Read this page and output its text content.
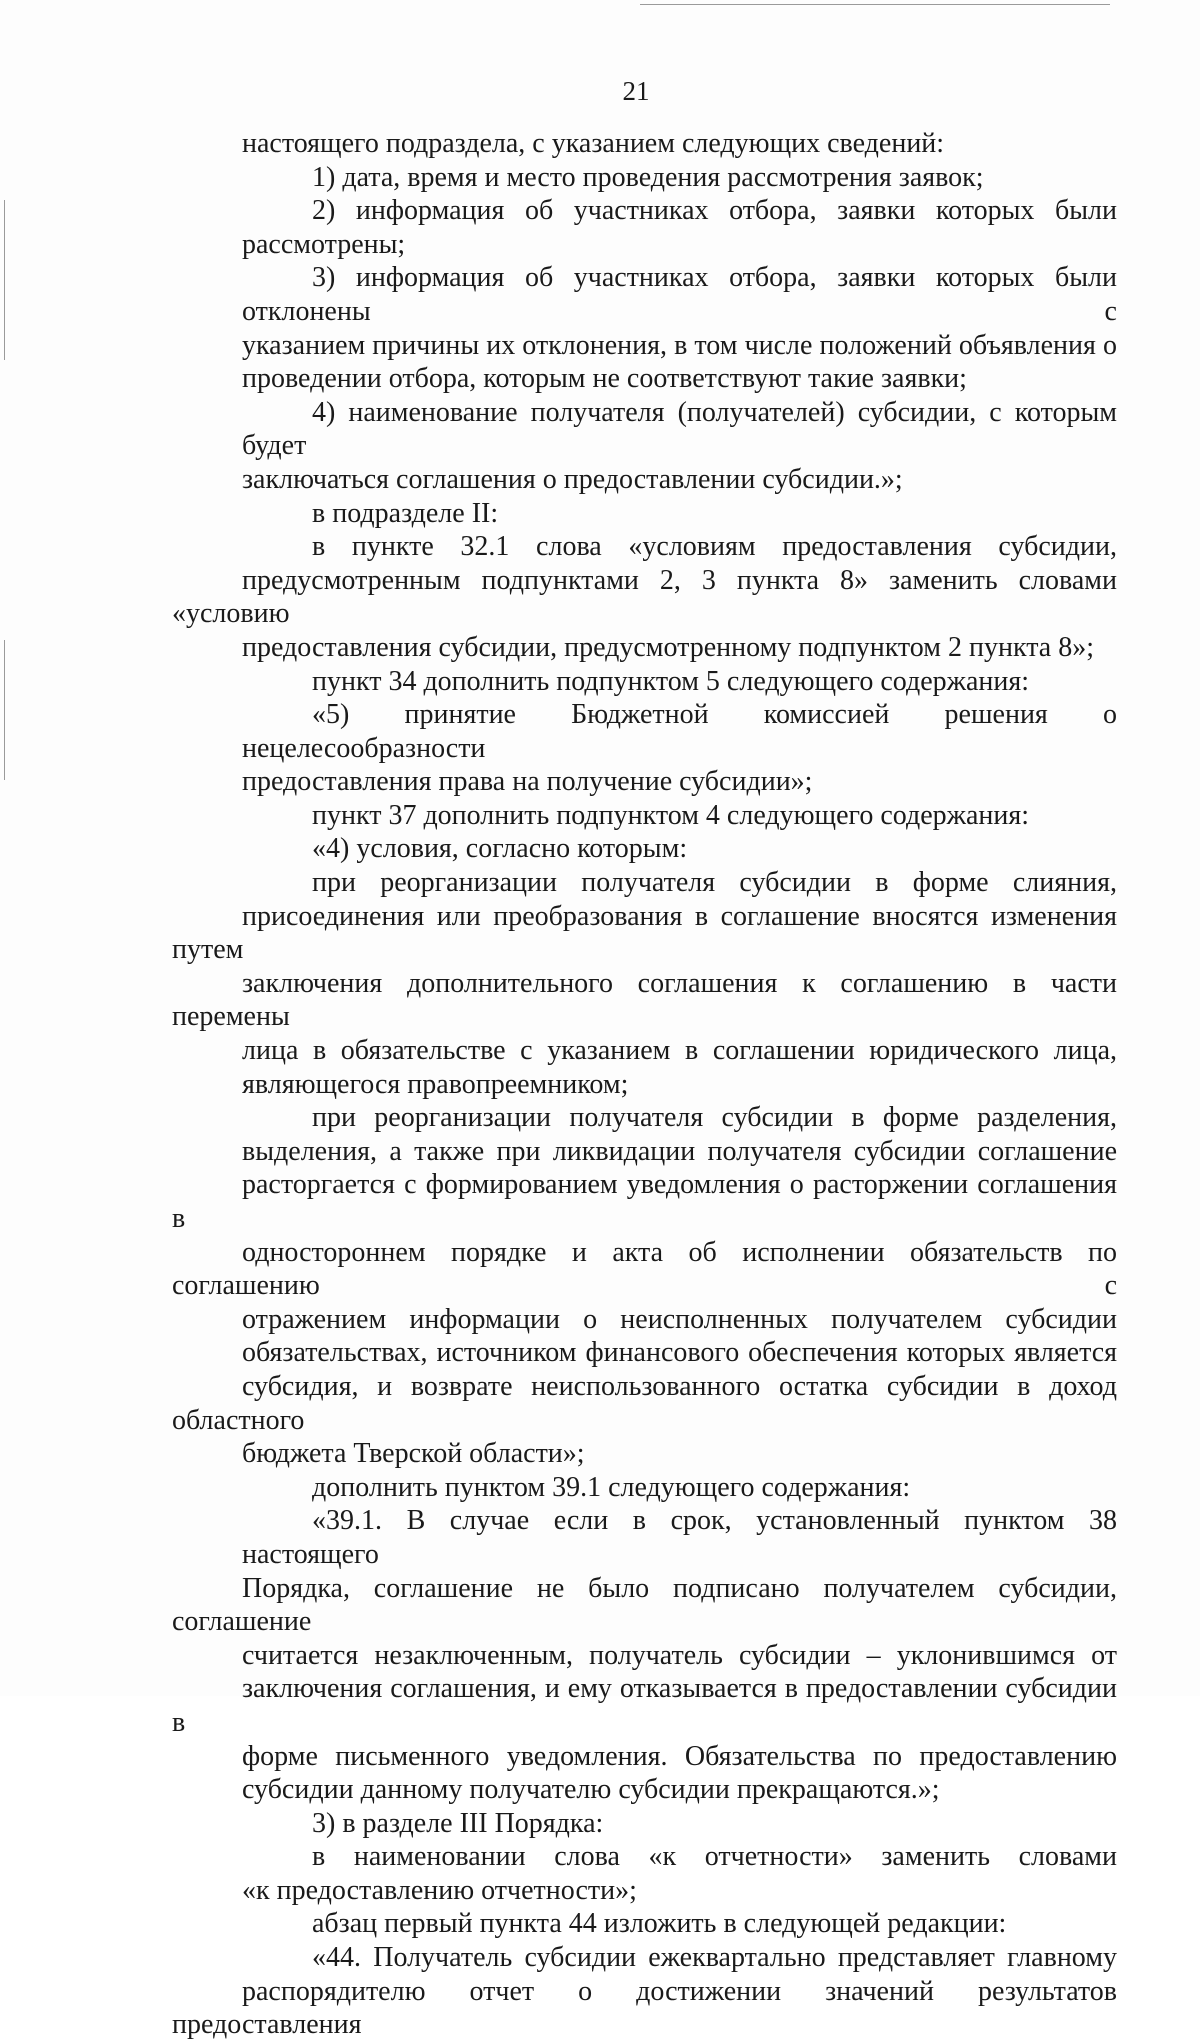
21
настоящего подраздела, с указанием следующих сведений:
1) дата, время и место проведения рассмотрения заявок;
2) информация об участниках отбора, заявки которых были
рассмотрены;
3) информация об участниках отбора, заявки которых были отклонены с
указанием причины их отклонения, в том числе положений объявления о
проведении отбора, которым не соответствуют такие заявки;
4) наименование получателя (получателей) субсидии, с которым будет
заключаться соглашения о предоставлении субсидии.»;
в подразделе II:
в пункте 32.1 слова «условиям предоставления субсидии,
предусмотренным подпунктами 2, 3 пункта 8» заменить словами «условию
предоставления субсидии, предусмотренному подпунктом 2 пункта 8»;
пункт 34 дополнить подпунктом 5 следующего содержания:
«5) принятие Бюджетной комиссией решения о нецелесообразности
предоставления права на получение субсидии»;
пункт 37 дополнить подпунктом 4 следующего содержания:
«4) условия, согласно которым:
при реорганизации получателя субсидии в форме слияния,
присоединения или преобразования в соглашение вносятся изменения путем
заключения дополнительного соглашения к соглашению в части перемены
лица в обязательстве с указанием в соглашении юридического лица,
являющегося правопреемником;
при реорганизации получателя субсидии в форме разделения,
выделения, а также при ликвидации получателя субсидии соглашение
расторгается с формированием уведомления о расторжении соглашения в
одностороннем порядке и акта об исполнении обязательств по соглашению с
отражением информации о неисполненных получателем субсидии
обязательствах, источником финансового обеспечения которых является
субсидия, и возврате неиспользованного остатка субсидии в доход областного
бюджета Тверской области»;
дополнить пунктом 39.1 следующего содержания:
«39.1. В случае если в срок, установленный пунктом 38 настоящего
Порядка, соглашение не было подписано получателем субсидии, соглашение
считается незаключенным, получатель субсидии – уклонившимся от
заключения соглашения, и ему отказывается в предоставлении субсидии в
форме письменного уведомления. Обязательства по предоставлению
субсидии данному получателю субсидии прекращаются.»;
3) в разделе III Порядка:
в наименовании слова «к отчетности» заменить словами
«к предоставлению отчетности»;
абзац первый пункта 44 изложить в следующей редакции:
«44. Получатель субсидии ежеквартально представляет главному
распорядителю отчет о достижении значений результатов предоставления
